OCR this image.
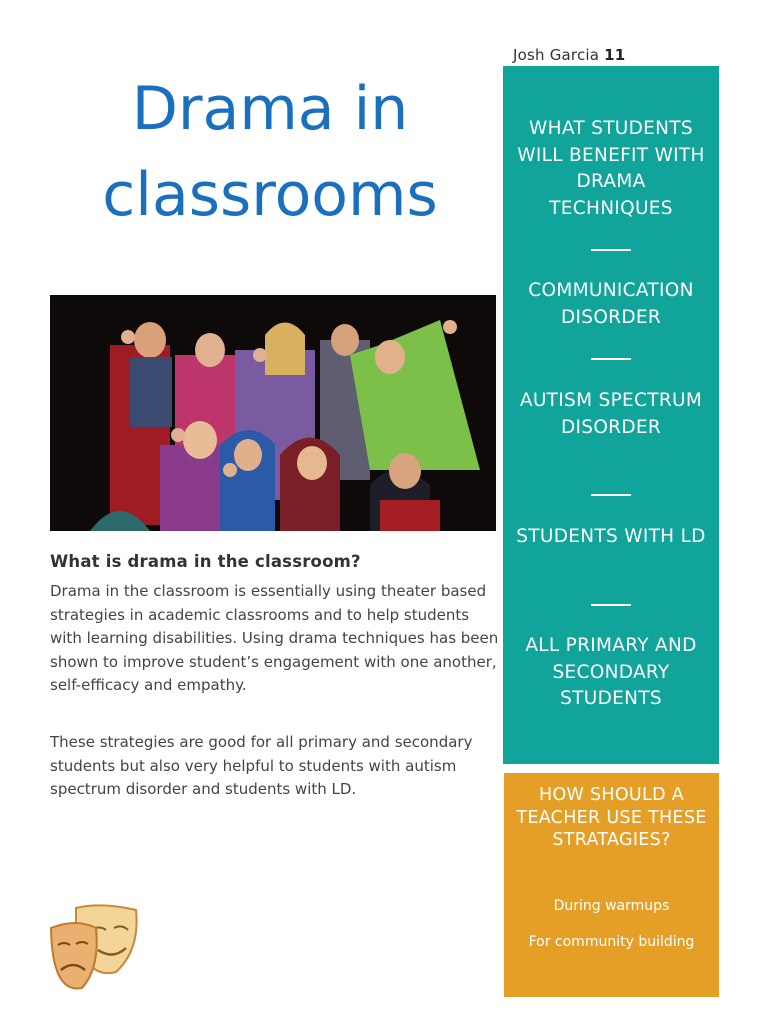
Josh Garcia 11
Drama in
classrooms
What is drama in the classroom?

Drama in the classroom is essentially using theater based strategies in academic classrooms and to help students with learning disabilities. Using drama techniques has been shown to improve student’s engagement with one another, self-efficacy and empathy.

These strategies are good for all primary and secondary students but also very helpful to students with autism spectrum disorder and students with LD.

WHAT STUDENTS WILL BENEFIT WITH DRAMA TECHNIQUES
COMMUNICATION DISORDER
AUTISM SPECTRUM DISORDER
STUDENTS WITH LD
ALL PRIMARY AND SECONDARY STUDENTS
HOW SHOULD A TEACHER USE THESE STRATAGIES?
During warmups
For community building
